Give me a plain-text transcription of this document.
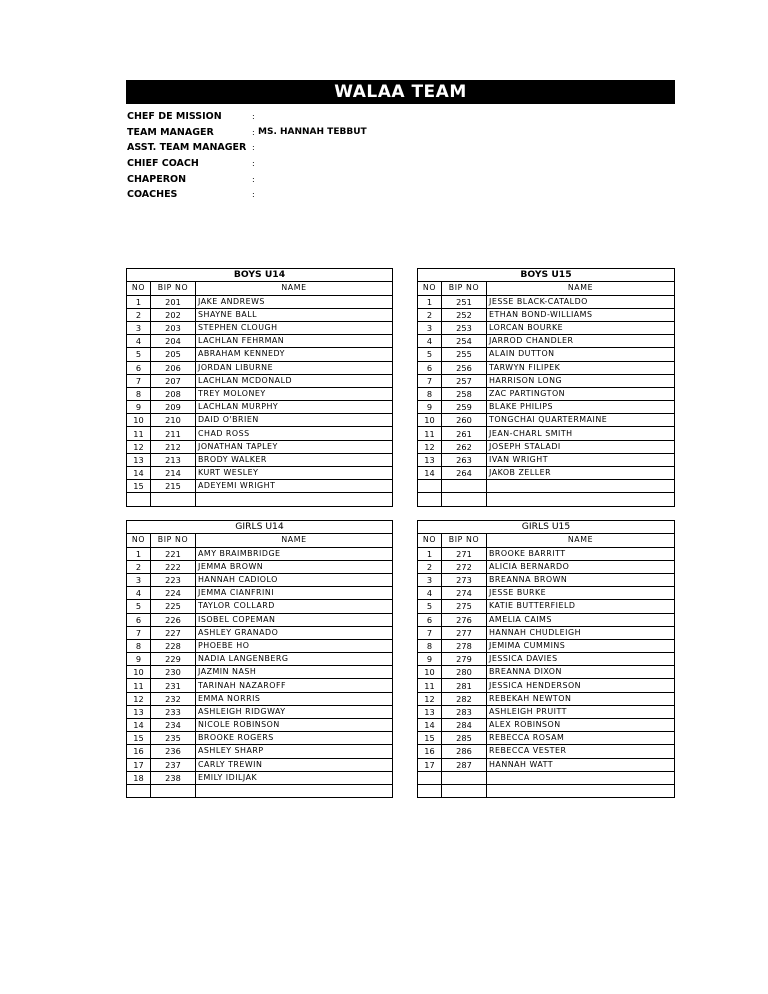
WALAA TEAM
CHEF DE MISSION	:
TEAM MANAGER	: MS. HANNAH TEBBUT
ASST. TEAM MANAGER :
CHIEF COACH	:
CHAPERON	:
COACHES	:
BOYS U14		
NO	BIP NO	NAME
1	201	JAKE ANDREWS
2	202	SHAYNE BALL
3	203	STEPHEN CLOUGH
4	204	LACHLAN FEHRMAN
5	205	ABRAHAM KENNEDY
6	206	JORDAN LIBURNE
7	207	LACHLAN MCDONALD
8	208	TREY MOLONEY
9	209	LACHLAN MURPHY
10	210	DAID O'BRIEN
11	211	CHAD ROSS
12	212	JONATHAN TAPLEY
13	213	BRODY WALKER
14	214	KURT WESLEY
15	215	ADEYEMI WRIGHT

BOYS U15		
NO	BIP NO	NAME
1	251	JESSE BLACK-CATALDO
2	252	ETHAN BOND-WILLIAMS
3	253	LORCAN BOURKE
4	254	JARROD CHANDLER
5	255	ALAIN DUTTON
6	256	TARWYN FILIPEK
7	257	HARRISON LONG
8	258	ZAC PARTINGTON
9	259	BLAKE PHILIPS
10	260	TONGCHAI QUARTERMAINE
11	261	JEAN-CHARL SMITH
12	262	JOSEPH STALADI
13	263	IVAN WRIGHT
14	264	JAKOB ZELLER

GIRLS U14		
NO	BIP NO	NAME
1	221	AMY BRAIMBRIDGE
2	222	JEMMA BROWN
3	223	HANNAH CADIOLO
4	224	JEMMA CIANFRINI
5	225	TAYLOR COLLARD
6	226	ISOBEL COPEMAN
7	227	ASHLEY GRANADO
8	228	PHOEBE HO
9	229	NADIA LANGENBERG
10	230	JAZMIN NASH
11	231	TARINAH NAZAROFF
12	232	EMMA NORRIS
13	233	ASHLEIGH RIDGWAY
14	234	NICOLE ROBINSON
15	235	BROOKE ROGERS
16	236	ASHLEY SHARP
17	237	CARLY TREWIN
18	238	EMILY IDILJAK

GIRLS U15		
NO	BIP NO	NAME
1	271	BROOKE BARRITT
2	272	ALICIA BERNARDO
3	273	BREANNA BROWN
4	274	JESSE BURKE
5	275	KATIE BUTTERFIELD
6	276	AMELIA CAIMS
7	277	HANNAH CHUDLEIGH
8	278	JEMIMA CUMMINS
9	279	JESSICA DAVIES
10	280	BREANNA DIXON
11	281	JESSICA HENDERSON
12	282	REBEKAH NEWTON
13	283	ASHLEIGH PRUITT
14	284	ALEX ROBINSON
15	285	REBECCA ROSAM
16	286	REBECCA VESTER
17	287	HANNAH WATT
